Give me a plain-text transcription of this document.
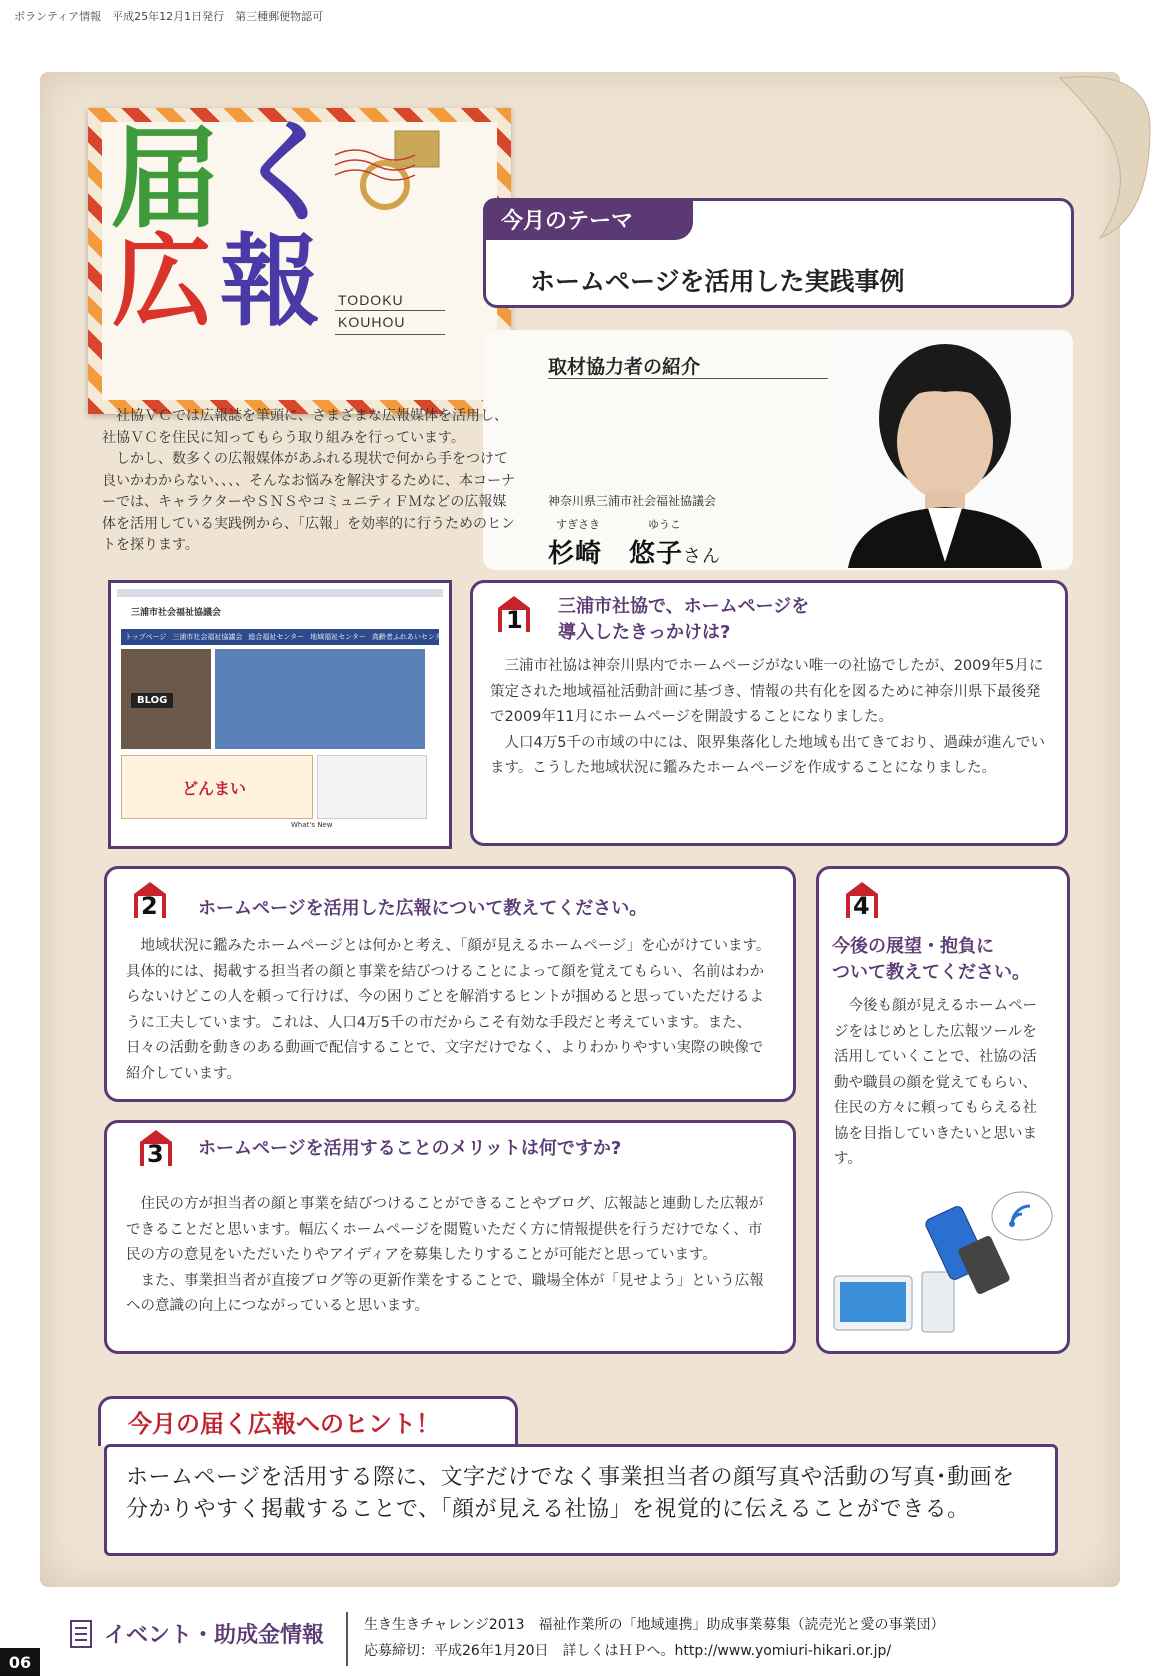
ボランティア情報　平成25年12月1日発行　第三種郵便物認可
届 く
広 報 TODOKU
KOUHOU
今月のテーマ
ホームページを活用した実践事例
取材協力者の紹介
神奈川県三浦市社会福祉協議会
すぎさき	ゆうこ
杉崎　悠子さん

社協ＶＣでは広報誌を筆頭に、さまざまな広報媒体を活用し、社協ＶＣを住民に知ってもらう取り組みを行っています。

しかし、数多くの広報媒体があふれる現状で何から手をつけて良いかわからない、、、、そんなお悩みを解決するために、本コーナーでは、キャラクターやＳＮＳやコミュニティＦＭなどの広報媒体を活用している実践例から、「広報」を効率的に行うためのヒントを探ります。

三浦市社会福祉協議会
トップページ 三浦市社会福祉協議会 総合福祉センター 地域福祉センター 高齢者ふれあいセンター
BLOG
どんまい
What's New
1 三浦市社協で、ホームページを
導入したきっかけは?

三浦市社協は神奈川県内でホームページがない唯一の社協でしたが、2009年5月に策定された地域福祉活動計画に基づき、情報の共有化を図るために神奈川県下最後発で2009年11月にホームページを開設することになりました。

人口4万5千の市域の中には、限界集落化した地域も出てきており、過疎が進んでいます。こうした地域状況に鑑みたホームページを作成することになりました。

2 ホームページを活用した広報について教えてください。

地域状況に鑑みたホームページとは何かと考え、「顔が見えるホームページ」を心がけています。具体的には、掲載する担当者の顔と事業を結びつけることによって顔を覚えてもらい、名前はわからないけどこの人を頼って行けば、今の困りごとを解消するヒントが掴めると思っていただけるように工夫しています。これは、人口4万5千の市だからこそ有効な手段だと考えています。また、日々の活動を動きのある動画で配信することで、文字だけでなく、よりわかりやすい実際の映像で紹介しています。

3 ホームページを活用することのメリットは何ですか?

住民の方が担当者の顔と事業を結びつけることができることやブログ、広報誌と連動した広報ができることだと思います。幅広くホームページを閲覧いただく方に情報提供を行うだけでなく、市民の方の意見をいただいたりやアイディアを募集したりすることが可能だと思っています。

また、事業担当者が直接ブログ等の更新作業をすることで、職場全体が「見せよう」という広報への意識の向上につながっていると思います。

4
今後の展望・抱負に
ついて教えてください。

今後も顔が見えるホームページをはじめとした広報ツールを活用していくことで、社協の活動や職員の顔を覚えてもらい、住民の方々に頼ってもらえる社協を目指していきたいと思います。

今月の届く広報へのヒント！
ホームページを活用する際に、文字だけでなく事業担当者の顔写真や活動の写真･動画を
分かりやすく掲載することで、「顔が見える社協」を視覚的に伝えることができる。
06
イベント・助成金情報	生き生きチャレンジ2013　福祉作業所の「地域連携」助成事業募集（読売光と愛の事業団）
応募締切：平成26年1月20日　詳しくはＨＰへ。http://www.yomiuri-hikari.or.jp/
